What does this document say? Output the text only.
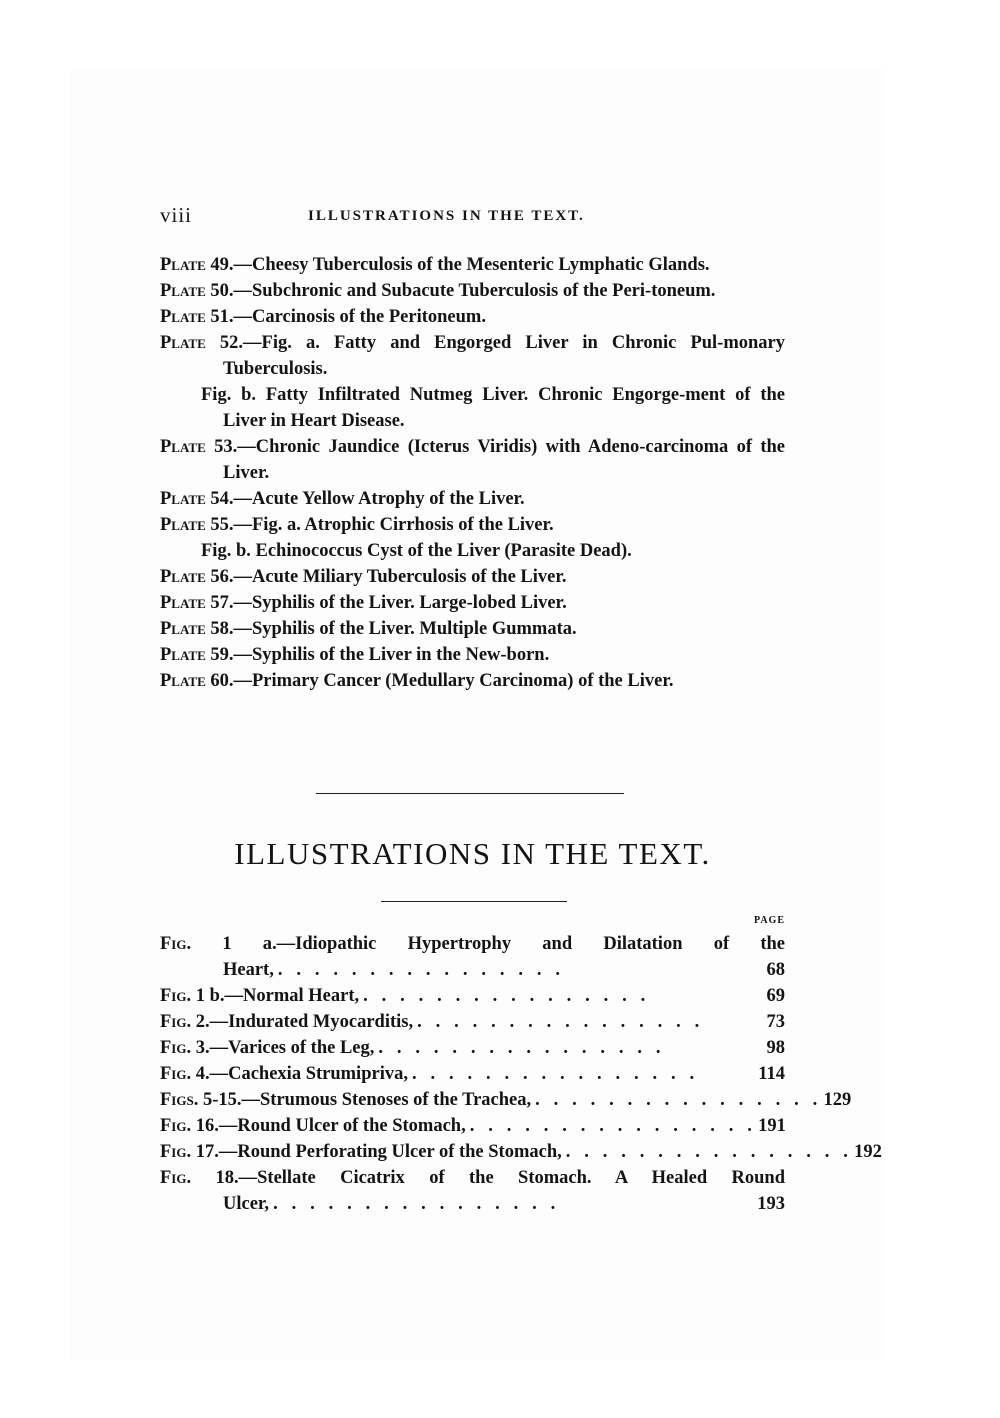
viii	ILLUSTRATIONS IN THE TEXT.
Plate 49.—Cheesy Tuberculosis of the Mesenteric Lymphatic Glands.
Plate 50.—Subchronic and Subacute Tuberculosis of the Peri-toneum.
Plate 51.—Carcinosis of the Peritoneum.
Plate 52.—Fig. a. Fatty and Engorged Liver in Chronic Pul-monary Tuberculosis.
Fig. b. Fatty Infiltrated Nutmeg Liver. Chronic Engorge-ment of the Liver in Heart Disease.
Plate 53.—Chronic Jaundice (Icterus Viridis) with Adeno-carcinoma of the Liver.
Plate 54.—Acute Yellow Atrophy of the Liver.
Plate 55.—Fig. a. Atrophic Cirrhosis of the Liver.
Fig. b. Echinococcus Cyst of the Liver (Parasite Dead).
Plate 56.—Acute Miliary Tuberculosis of the Liver.
Plate 57.—Syphilis of the Liver. Large-lobed Liver.
Plate 58.—Syphilis of the Liver. Multiple Gummata.
Plate 59.—Syphilis of the Liver in the New-born.
Plate 60.—Primary Cancer (Medullary Carcinoma) of the Liver.
ILLUSTRATIONS IN THE TEXT.
PAGE
Fig. 1 a.—Idiopathic Hypertrophy and Dilatation of the
Heart, .   .   .   .   .   .   .   .   .   .   .   .   .   .   .   .	68
Fig. 1 b.—Normal Heart, .   .   .   .   .   .   .   .   .   .   .   .   .   .   .   .	69
Fig. 2.—Indurated Myocarditis, .   .   .   .   .   .   .   .   .   .   .   .   .   .   .   .	73
Fig. 3.—Varices of the Leg, .   .   .   .   .   .   .   .   .   .   .   .   .   .   .   .	98
Fig. 4.—Cachexia Strumipriva, .   .   .   .   .   .   .   .   .   .   .   .   .   .   .   .	114
Figs. 5-15.—Strumous Stenoses of the Trachea, .   .   .   .   .   .   .   .   .   .   .   .   .   .   .   . 129
Fig. 16.—Round Ulcer of the Stomach, .   .   .   .   .   .   .   .   .   .   .   .   .   .   .   . 191
Fig. 17.—Round Perforating Ulcer of the Stomach, .   .   .   .   .   .   .   .   .   .   .   .   .   .   .   . 192
Fig. 18.—Stellate Cicatrix of the Stomach. A Healed Round
Ulcer, .   .   .   .   .   .   .   .   .   .   .   .   .   .   .   .	193
